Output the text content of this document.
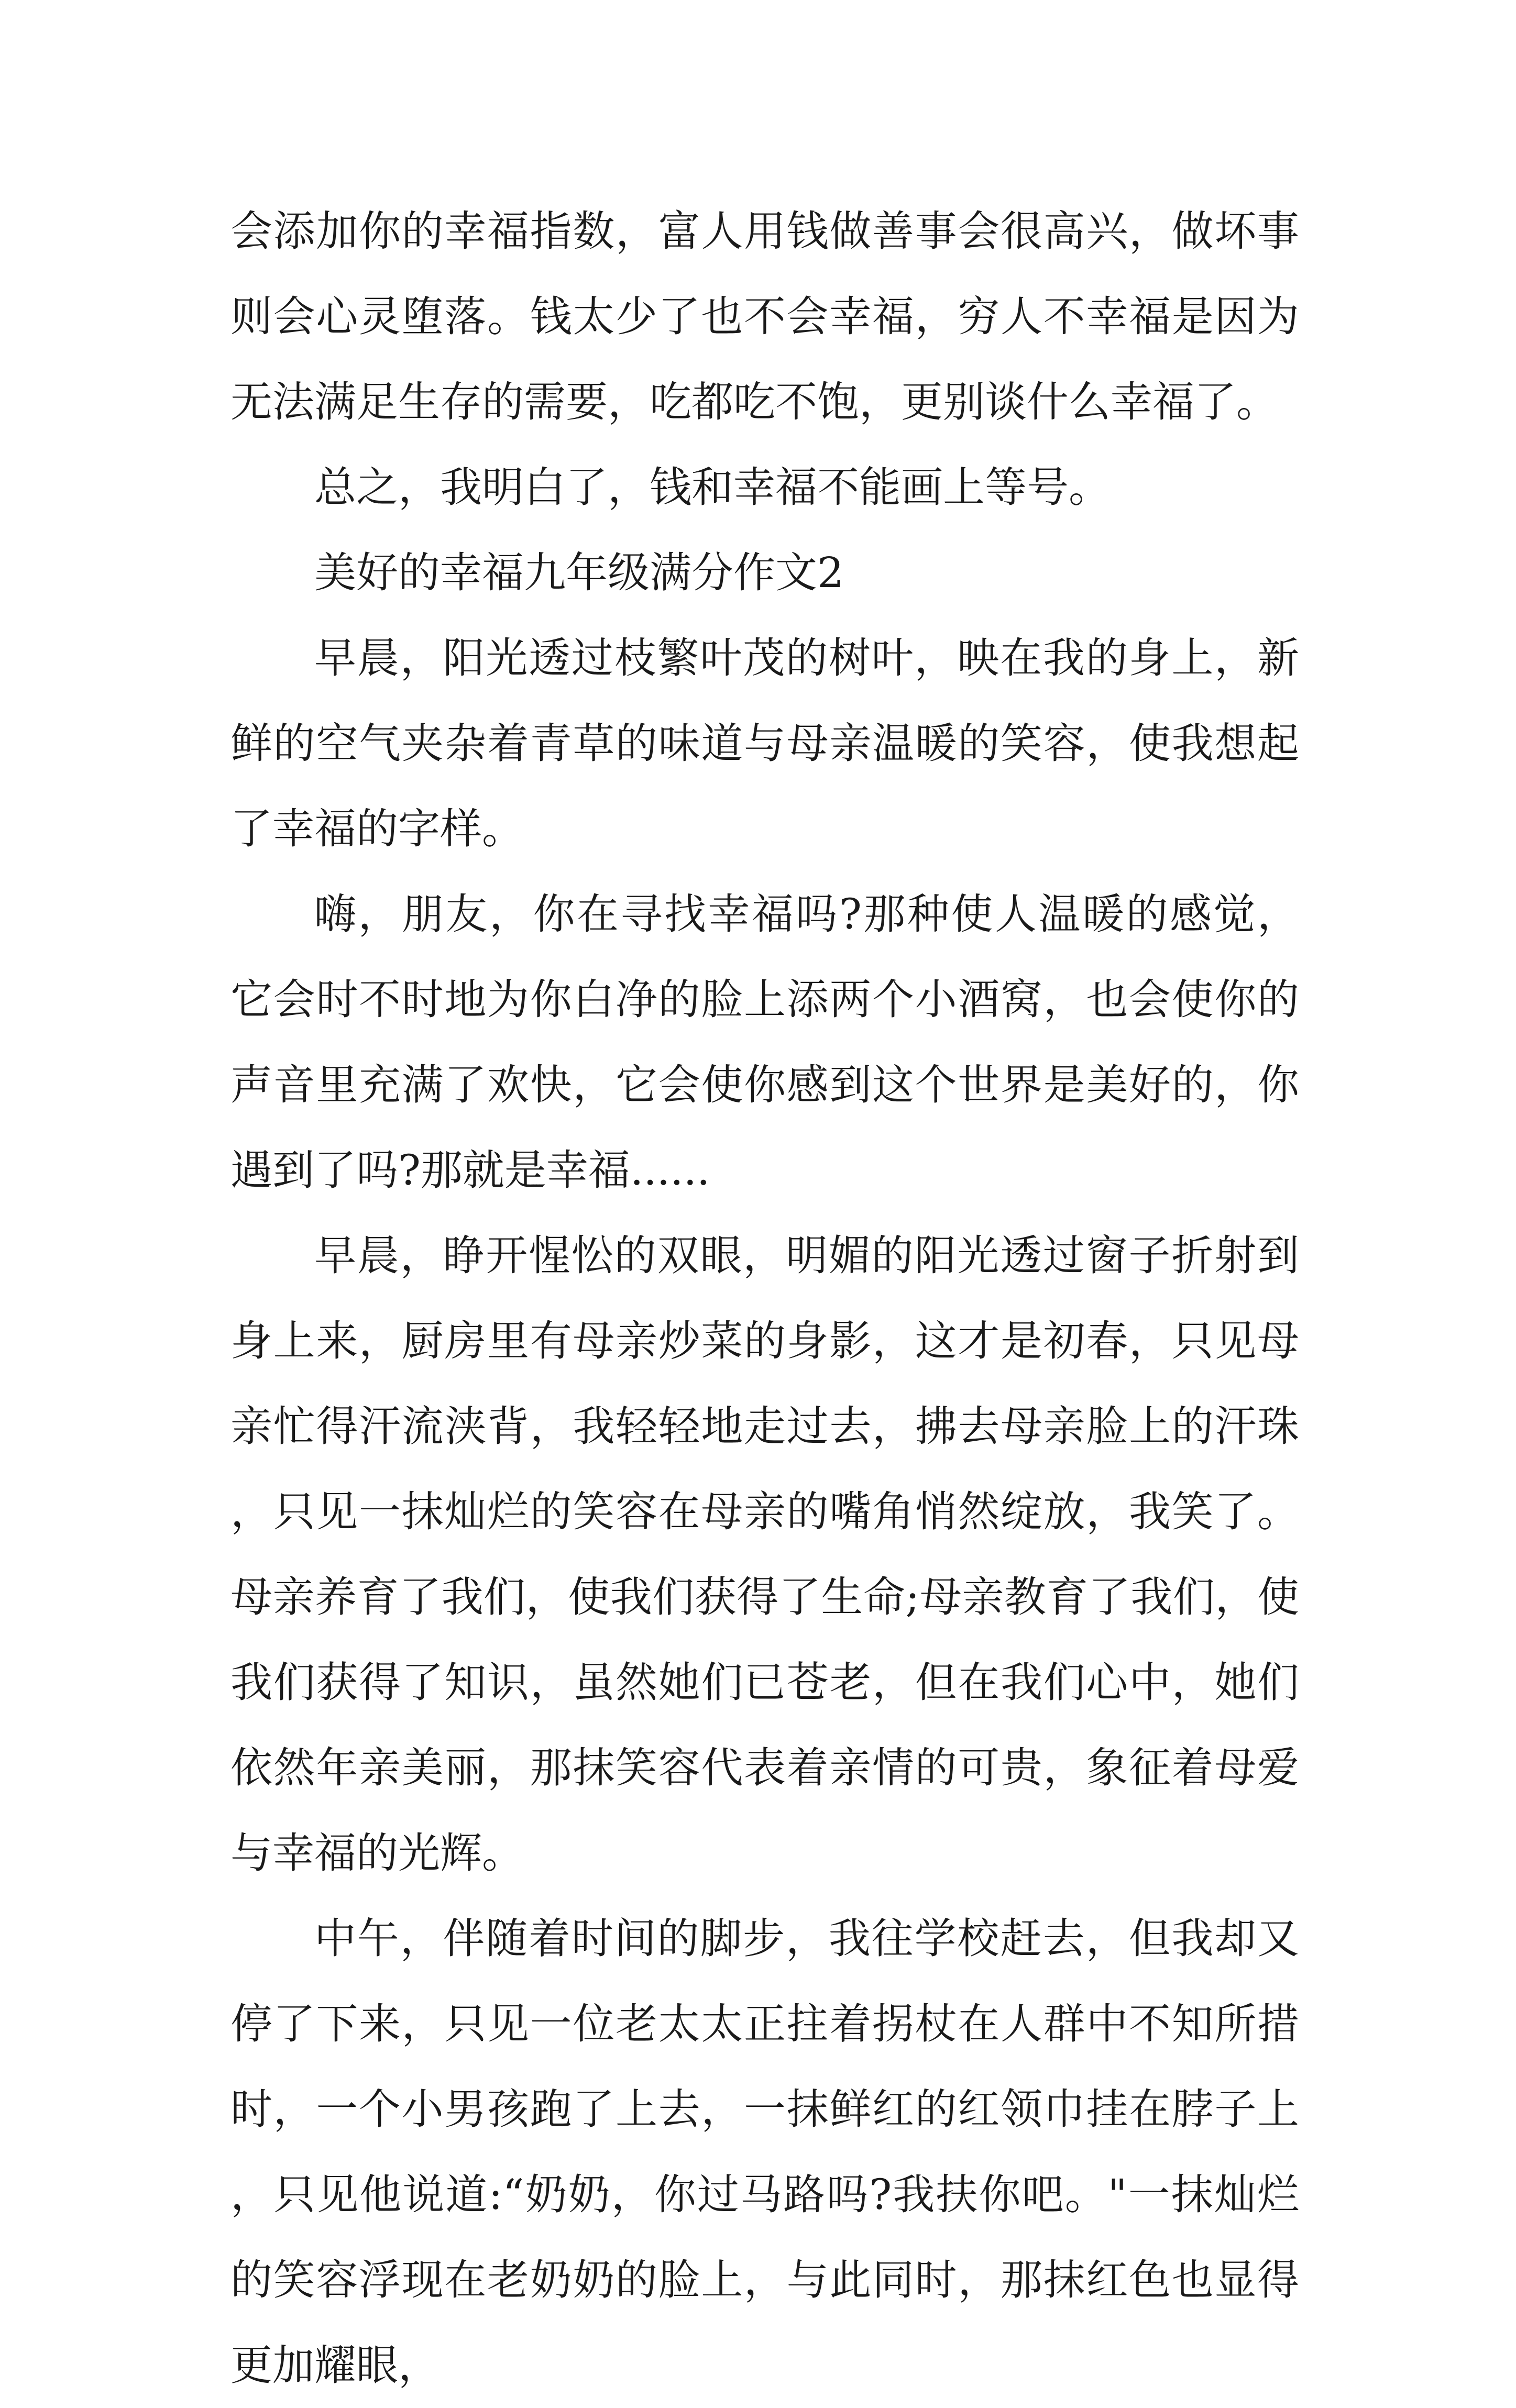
会添加你的幸福指数，富人用钱做善事会很高兴，做坏事则会心灵堕落。钱太少了也不会幸福，穷人不幸福是因为无法满足生存的需要，吃都吃不饱，更别谈什么幸福了。

总之，我明白了，钱和幸福不能画上等号。

美好的幸福九年级满分作文2

早晨，阳光透过枝繁叶茂的树叶，映在我的身上，新鲜的空气夹杂着青草的味道与母亲温暖的笑容，使我想起了幸福的字样。

嗨，朋友，你在寻找幸福吗?那种使人温暖的感觉，它会时不时地为你白净的脸上添两个小酒窝，也会使你的声音里充满了欢快，它会使你感到这个世界是美好的，你遇到了吗?那就是幸福......

早晨，睁开惺忪的双眼，明媚的阳光透过窗子折射到身上来，厨房里有母亲炒菜的身影，这才是初春，只见母亲忙得汗流浃背，我轻轻地走过去，拂去母亲脸上的汗珠，只见一抹灿烂的笑容在母亲的嘴角悄然绽放，我笑了。母亲养育了我们，使我们获得了生命;母亲教育了我们，使我们获得了知识，虽然她们已苍老，但在我们心中，她们依然年亲美丽，那抹笑容代表着亲情的可贵，象征着母爱与幸福的光辉。

中午，伴随着时间的脚步，我往学校赶去，但我却又停了下来，只见一位老太太正拄着拐杖在人群中不知所措时，一个小男孩跑了上去，一抹鲜红的红领巾挂在脖子上，只见他说道:“奶奶，你过马路吗?我扶你吧。"一抹灿烂的笑容浮现在老奶奶的脸上，与此同时，那抹红色也显得更加耀眼，
